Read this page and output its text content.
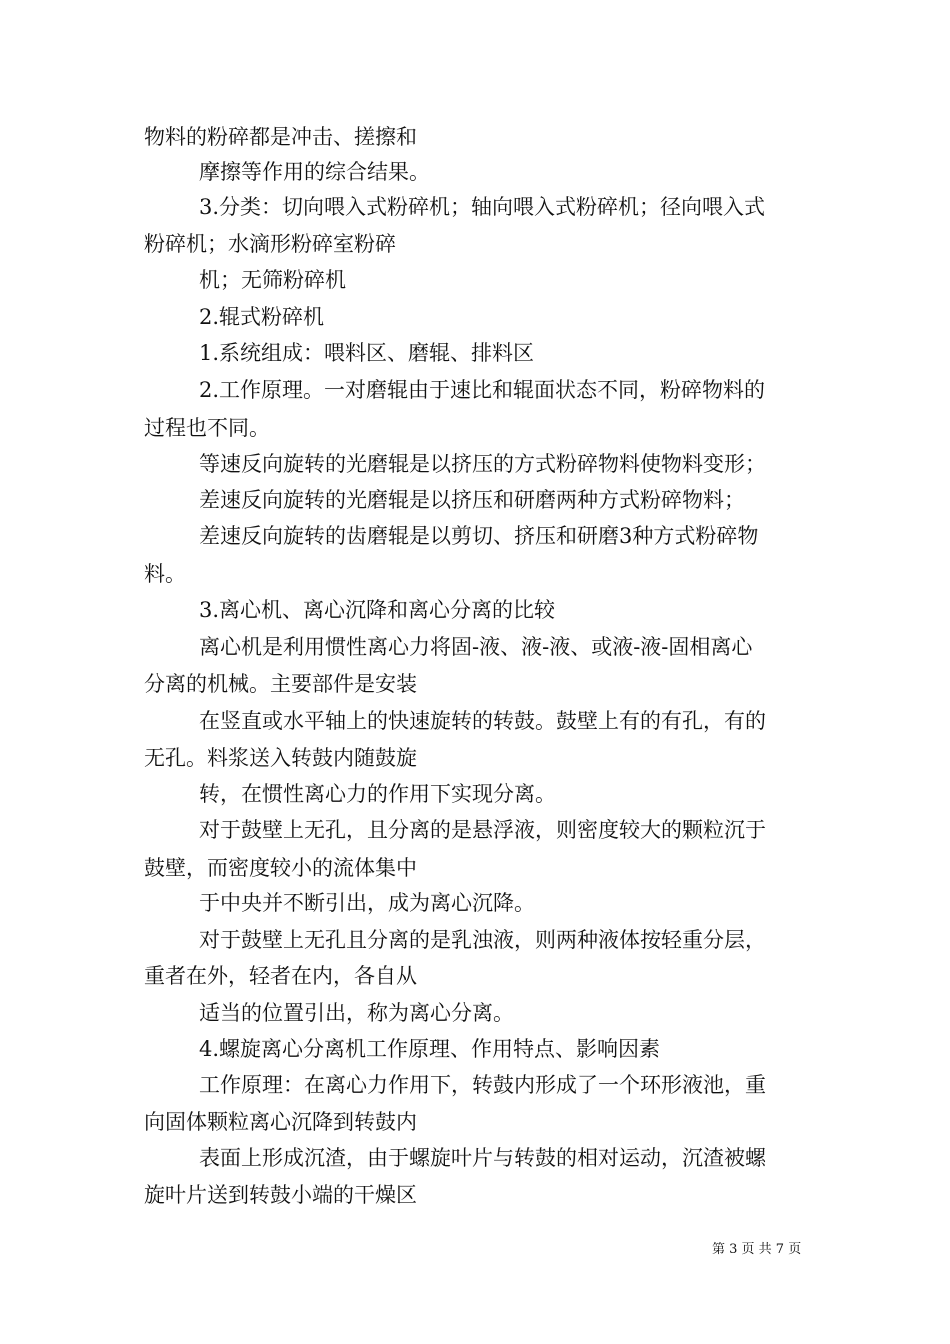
物料的粉碎都是冲击、搓擦和
摩擦等作用的综合结果。
3.分类：切向喂入式粉碎机；轴向喂入式粉碎机；径向喂入式
粉碎机；水滴形粉碎室粉碎
机；无筛粉碎机
2.辊式粉碎机
1.系统组成：喂料区、磨辊、排料区
2.工作原理。一对磨辊由于速比和辊面状态不同，粉碎物料的
过程也不同。
等速反向旋转的光磨辊是以挤压的方式粉碎物料使物料变形；
差速反向旋转的光磨辊是以挤压和研磨两种方式粉碎物料；
差速反向旋转的齿磨辊是以剪切、挤压和研磨3种方式粉碎物
料。
3.离心机、离心沉降和离心分离的比较
离心机是利用惯性离心力将固-液、液-液、或液-液-固相离心
分离的机械。主要部件是安装
在竖直或水平轴上的快速旋转的转鼓。鼓壁上有的有孔，有的
无孔。料浆送入转鼓内随鼓旋
转，在惯性离心力的作用下实现分离。
对于鼓壁上无孔，且分离的是悬浮液，则密度较大的颗粒沉于
鼓壁，而密度较小的流体集中
于中央并不断引出，成为离心沉降。
对于鼓壁上无孔且分离的是乳浊液，则两种液体按轻重分层，
重者在外，轻者在内，各自从
适当的位置引出，称为离心分离。
4.螺旋离心分离机工作原理、作用特点、影响因素
工作原理：在离心力作用下，转鼓内形成了一个环形液池，重
向固体颗粒离心沉降到转鼓内
表面上形成沉渣，由于螺旋叶片与转鼓的相对运动，沉渣被螺
旋叶片送到转鼓小端的干燥区
第 3 页 共 7 页
